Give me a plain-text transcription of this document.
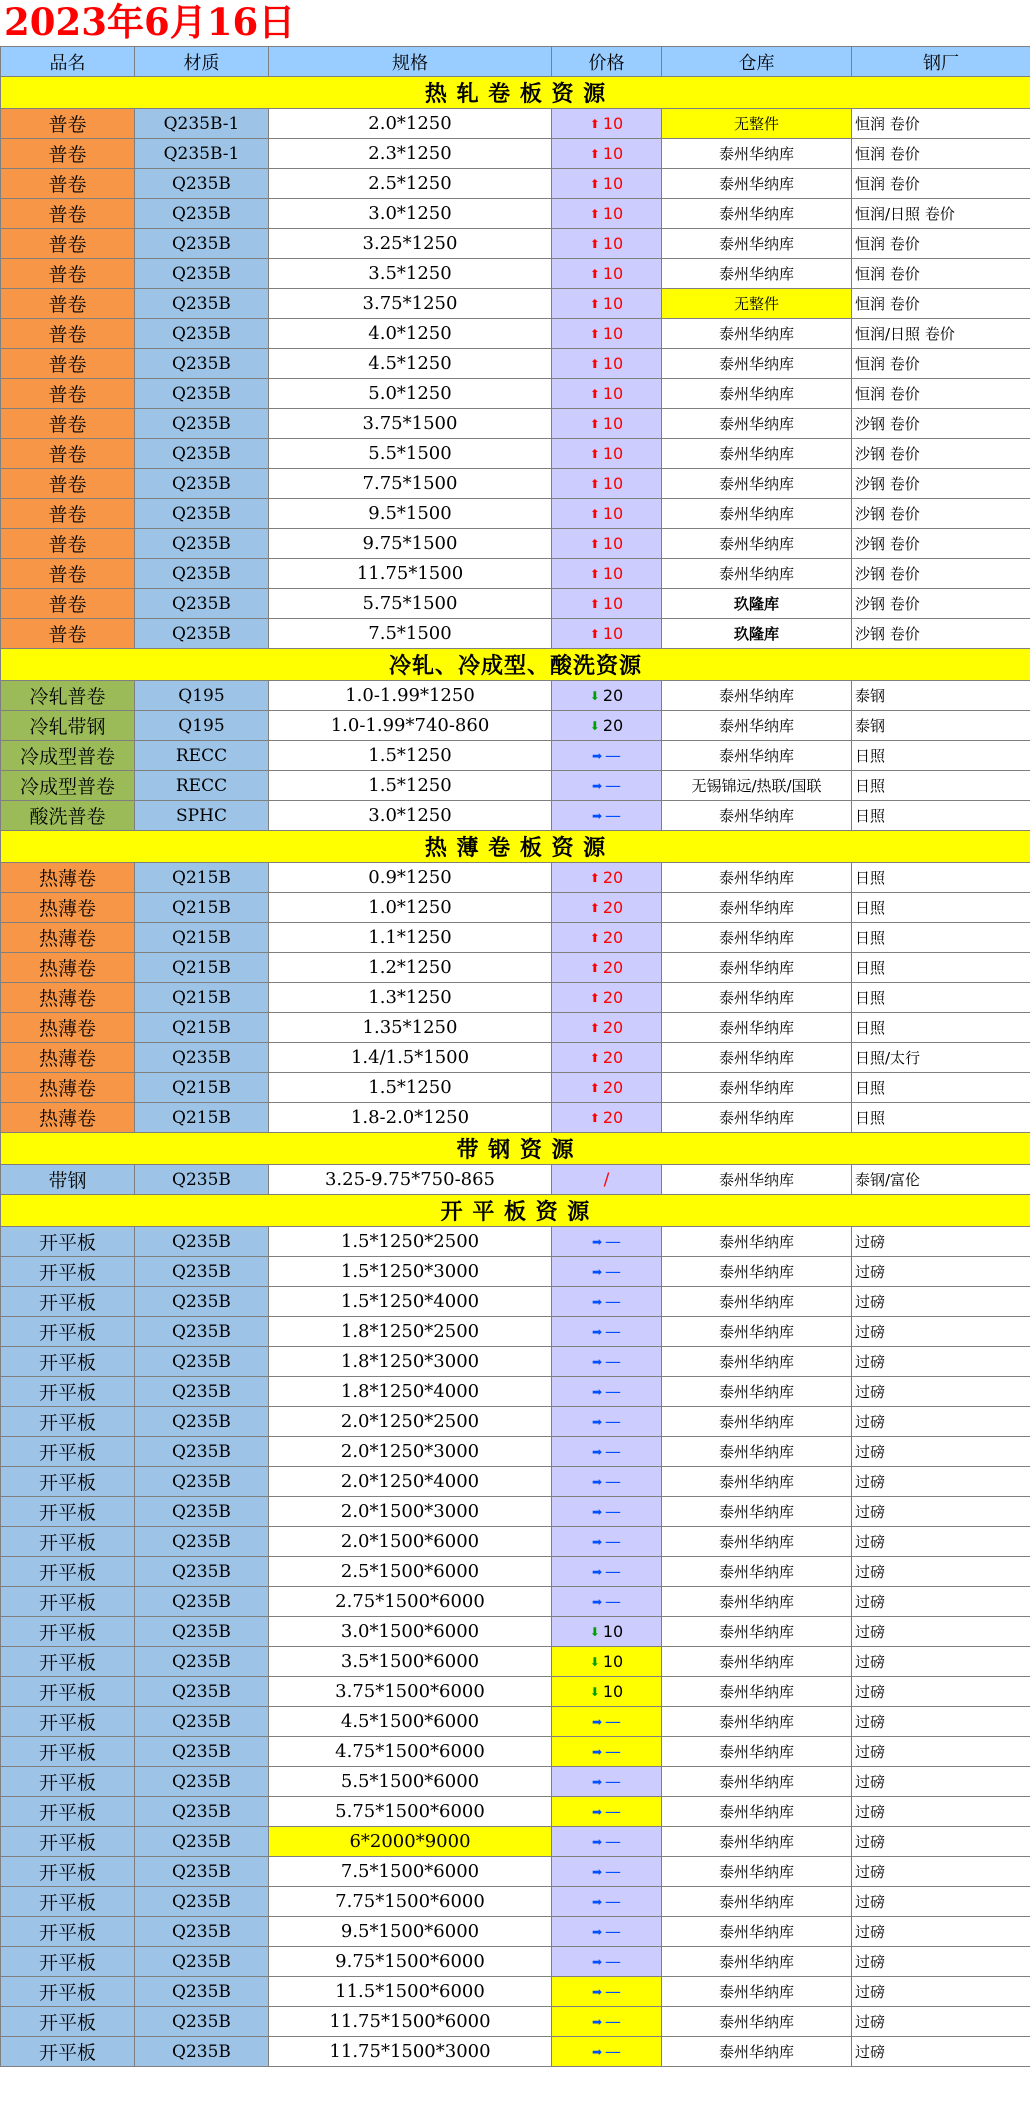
2023年6月16日
品名	材质	规格	价格	仓库	钢厂
热 轧 卷 板 资 源					
普卷	Q235B-1	2.0*1250	⬆ 10	无整件	恒润 卷价
普卷	Q235B-1	2.3*1250	⬆ 10	泰州华纳库	恒润 卷价
普卷	Q235B	2.5*1250	⬆ 10	泰州华纳库	恒润 卷价
普卷	Q235B	3.0*1250	⬆ 10	泰州华纳库	恒润/日照 卷价
普卷	Q235B	3.25*1250	⬆ 10	泰州华纳库	恒润 卷价
普卷	Q235B	3.5*1250	⬆ 10	泰州华纳库	恒润 卷价
普卷	Q235B	3.75*1250	⬆ 10	无整件	恒润 卷价
普卷	Q235B	4.0*1250	⬆ 10	泰州华纳库	恒润/日照 卷价
普卷	Q235B	4.5*1250	⬆ 10	泰州华纳库	恒润 卷价
普卷	Q235B	5.0*1250	⬆ 10	泰州华纳库	恒润 卷价
普卷	Q235B	3.75*1500	⬆ 10	泰州华纳库	沙钢 卷价
普卷	Q235B	5.5*1500	⬆ 10	泰州华纳库	沙钢 卷价
普卷	Q235B	7.75*1500	⬆ 10	泰州华纳库	沙钢 卷价
普卷	Q235B	9.5*1500	⬆ 10	泰州华纳库	沙钢 卷价
普卷	Q235B	9.75*1500	⬆ 10	泰州华纳库	沙钢 卷价
普卷	Q235B	11.75*1500	⬆ 10	泰州华纳库	沙钢 卷价
普卷	Q235B	5.75*1500	⬆ 10	玖隆库	沙钢 卷价
普卷	Q235B	7.5*1500	⬆ 10	玖隆库	沙钢 卷价
冷轧、冷成型、酸洗资源					
冷轧普卷	Q195	1.0-1.99*1250	⬇ 20	泰州华纳库	泰钢
冷轧带钢	Q195	1.0-1.99*740-860	⬇ 20	泰州华纳库	泰钢
冷成型普卷	RECC	1.5*1250	➡ —	泰州华纳库	日照
冷成型普卷	RECC	1.5*1250	➡ —	无锡锦远/热联/国联	日照
酸洗普卷	SPHC	3.0*1250	➡ —	泰州华纳库	日照
热 薄 卷 板 资 源					
热薄卷	Q215B	0.9*1250	⬆ 20	泰州华纳库	日照
热薄卷	Q215B	1.0*1250	⬆ 20	泰州华纳库	日照
热薄卷	Q215B	1.1*1250	⬆ 20	泰州华纳库	日照
热薄卷	Q215B	1.2*1250	⬆ 20	泰州华纳库	日照
热薄卷	Q215B	1.3*1250	⬆ 20	泰州华纳库	日照
热薄卷	Q215B	1.35*1250	⬆ 20	泰州华纳库	日照
热薄卷	Q235B	1.4/1.5*1500	⬆ 20	泰州华纳库	日照/太行
热薄卷	Q215B	1.5*1250	⬆ 20	泰州华纳库	日照
热薄卷	Q215B	1.8-2.0*1250	⬆ 20	泰州华纳库	日照
带 钢 资 源					
带钢	Q235B	3.25-9.75*750-865	/	泰州华纳库	泰钢/富伦
开 平 板 资 源					
开平板	Q235B	1.5*1250*2500	➡ —	泰州华纳库	过磅
开平板	Q235B	1.5*1250*3000	➡ —	泰州华纳库	过磅
开平板	Q235B	1.5*1250*4000	➡ —	泰州华纳库	过磅
开平板	Q235B	1.8*1250*2500	➡ —	泰州华纳库	过磅
开平板	Q235B	1.8*1250*3000	➡ —	泰州华纳库	过磅
开平板	Q235B	1.8*1250*4000	➡ —	泰州华纳库	过磅
开平板	Q235B	2.0*1250*2500	➡ —	泰州华纳库	过磅
开平板	Q235B	2.0*1250*3000	➡ —	泰州华纳库	过磅
开平板	Q235B	2.0*1250*4000	➡ —	泰州华纳库	过磅
开平板	Q235B	2.0*1500*3000	➡ —	泰州华纳库	过磅
开平板	Q235B	2.0*1500*6000	➡ —	泰州华纳库	过磅
开平板	Q235B	2.5*1500*6000	➡ —	泰州华纳库	过磅
开平板	Q235B	2.75*1500*6000	➡ —	泰州华纳库	过磅
开平板	Q235B	3.0*1500*6000	⬇ 10	泰州华纳库	过磅
开平板	Q235B	3.5*1500*6000	⬇ 10	泰州华纳库	过磅
开平板	Q235B	3.75*1500*6000	⬇ 10	泰州华纳库	过磅
开平板	Q235B	4.5*1500*6000	➡ —	泰州华纳库	过磅
开平板	Q235B	4.75*1500*6000	➡ —	泰州华纳库	过磅
开平板	Q235B	5.5*1500*6000	➡ —	泰州华纳库	过磅
开平板	Q235B	5.75*1500*6000	➡ —	泰州华纳库	过磅
开平板	Q235B	6*2000*9000	➡ —	泰州华纳库	过磅
开平板	Q235B	7.5*1500*6000	➡ —	泰州华纳库	过磅
开平板	Q235B	7.75*1500*6000	➡ —	泰州华纳库	过磅
开平板	Q235B	9.5*1500*6000	➡ —	泰州华纳库	过磅
开平板	Q235B	9.75*1500*6000	➡ —	泰州华纳库	过磅
开平板	Q235B	11.5*1500*6000	➡ —	泰州华纳库	过磅
开平板	Q235B	11.75*1500*6000	➡ —	泰州华纳库	过磅
开平板	Q235B	11.75*1500*3000	➡ —	泰州华纳库	过磅
